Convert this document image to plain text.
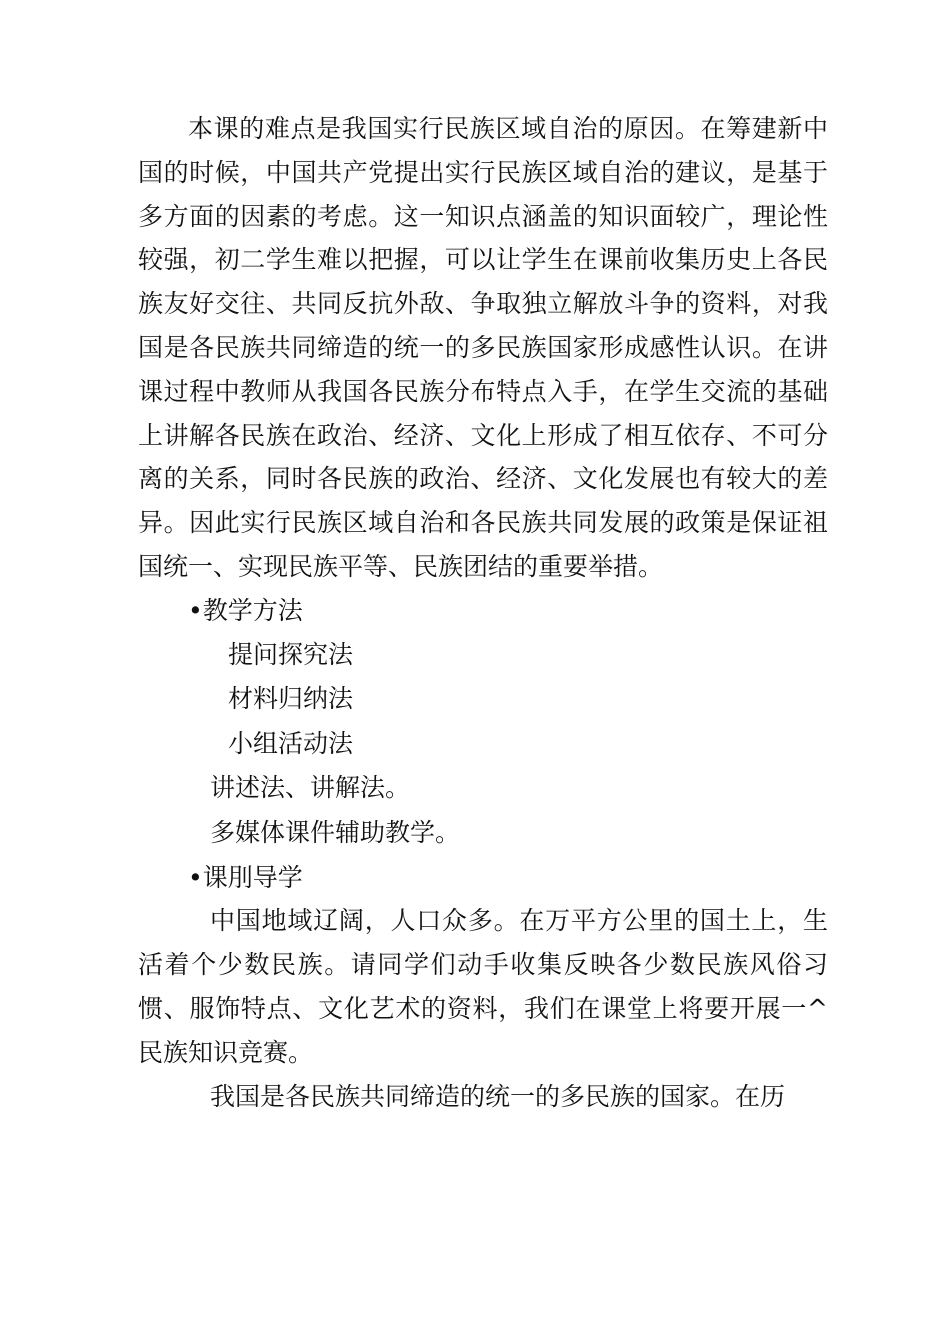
本课的难点是我国实行民族区域自治的原因。在筹建新中国的时候，中国共产党提出实行民族区域自治的建议，是基于多方面的因素的考虑。这一知识点涵盖的知识面较广，理论性较强，初二学生难以把握，可以让学生在课前收集历史上各民族友好交往、共同反抗外敌、争取独立解放斗争的资料，对我国是各民族共同缔造的统一的多民族国家形成感性认识。在讲课过程中教师从我国各民族分布特点入手，在学生交流的基础上讲解各民族在政治、经济、文化上形成了相互依存、不可分离的关系，同时各民族的政治、经济、文化发展也有较大的差异。因此实行民族区域自治和各民族共同发展的政策是保证祖国统一、实现民族平等、民族团结的重要举措。

•教学方法

提问探究法

材料归纳法

小组活动法

讲述法、讲解法。

多媒体课件辅助教学。

•课刖导学

中国地域辽阔，人口众多。在万平方公里的国土上，生活着个少数民族。请同学们动手收集反映各少数民族风俗习惯、服饰特点、文化艺术的资料，我们在课堂上将要开展一^民族知识竞赛。

我国是各民族共同缔造的统一的多民族的国家。在历
